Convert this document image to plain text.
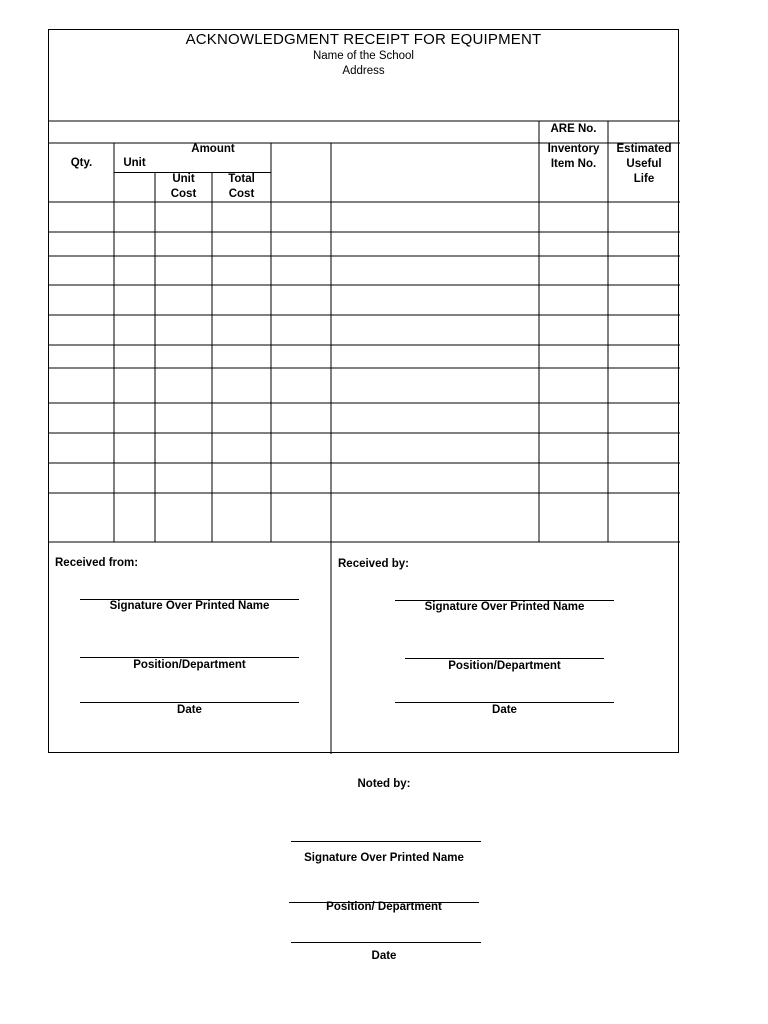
ACKNOWLEDGMENT RECEIPT FOR EQUIPMENT
Name of the School
Address
ARE No.
Qty.	Unit
Amount
Unit
Cost
Total
Cost
Inventory
Item No.
Estimated
Useful
Life
Received from:
Signature Over Printed Name
Position/Department
Date
Received by:
Signature Over Printed Name
Position/Department
Date
Noted by:
Signature Over Printed Name
Position/ Department
Date
